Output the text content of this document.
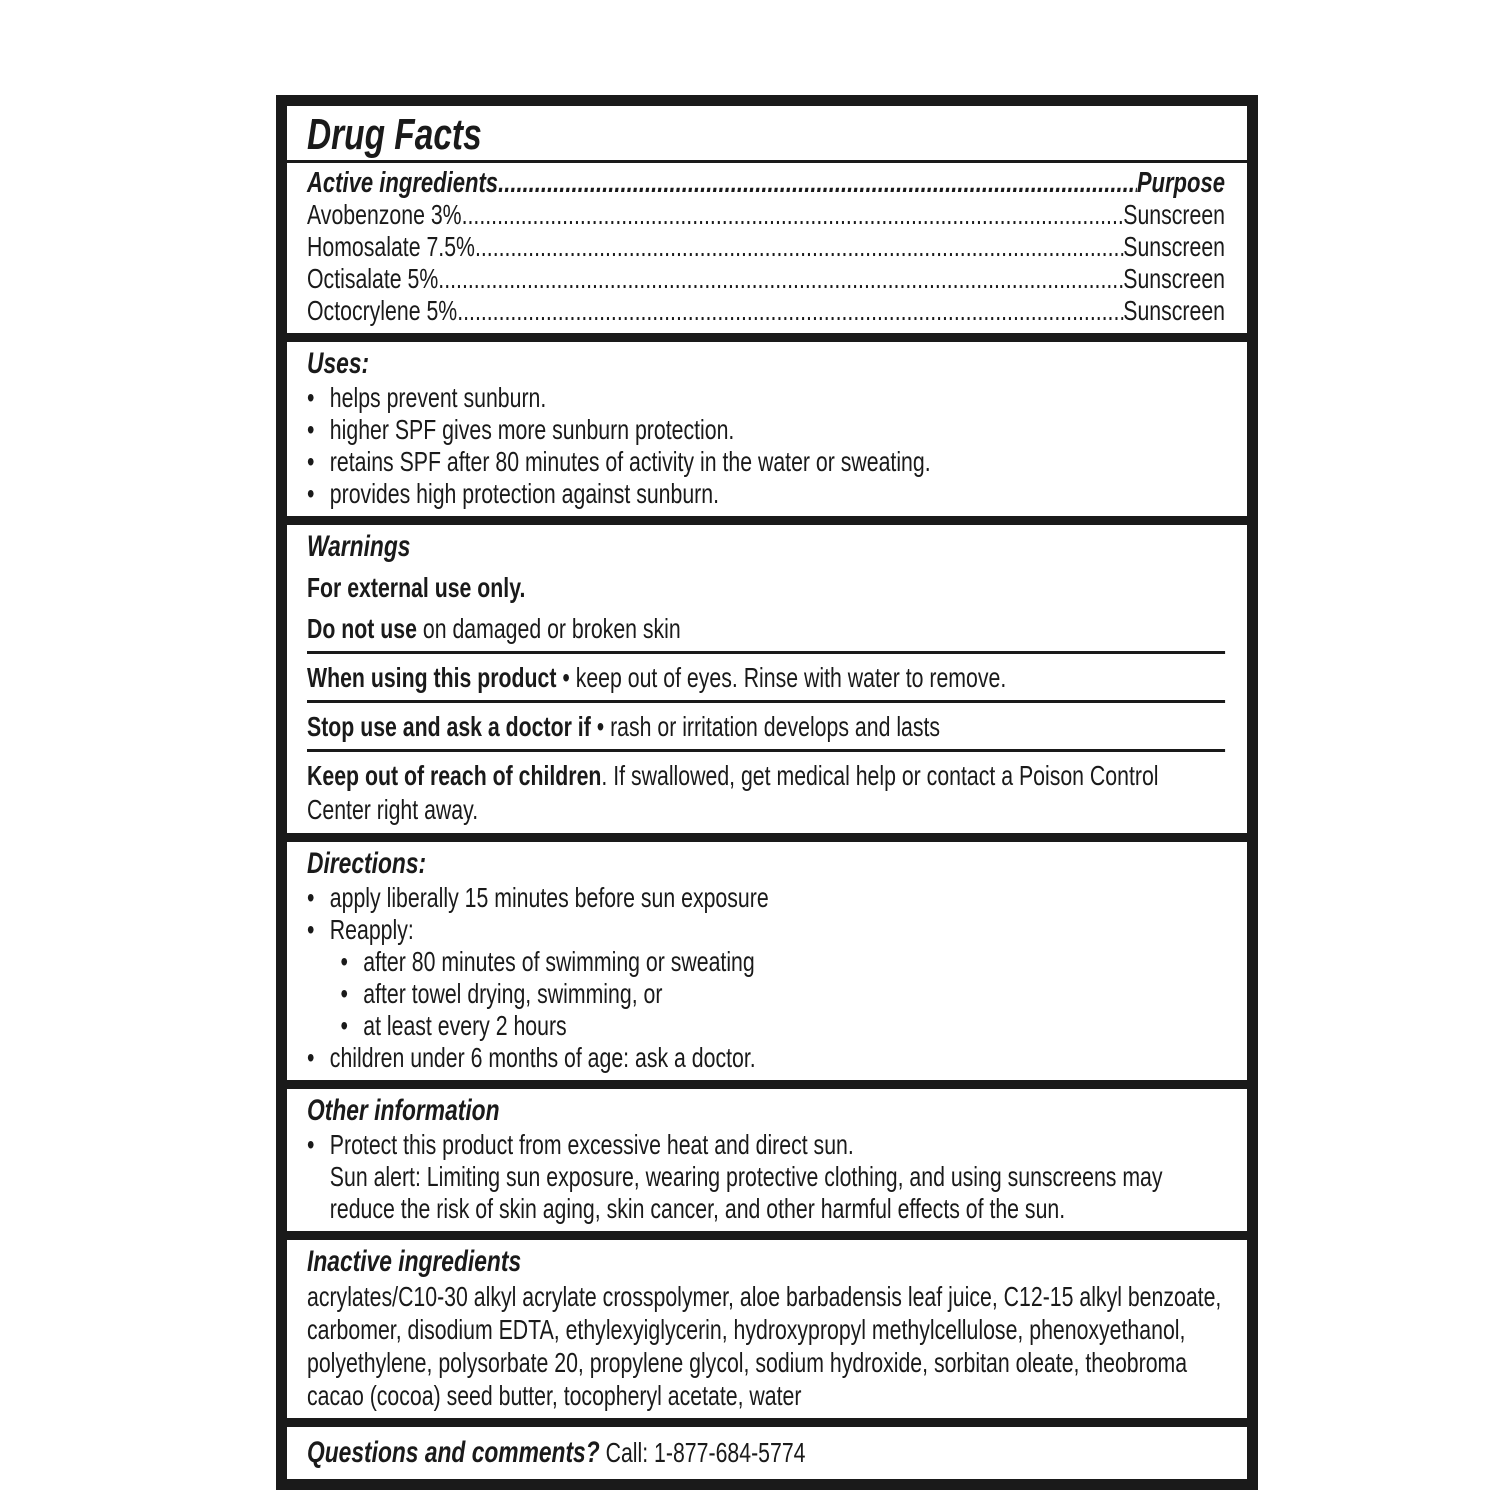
Drug Facts
Active ingredients .....	Purpose
Avobenzone 3% .....	Sunscreen
Homosalate 7.5% .....	Sunscreen
Octisalate 5% .....	Sunscreen
Octocrylene 5% .....	Sunscreen
Uses:
• helps prevent sunburn.
• higher SPF gives more sunburn protection.
• retains SPF after 80 minutes of activity in the water or sweating.
• provides high protection against sunburn.
Warnings
For external use only.
Do not use on damaged or broken skin
When using this product • keep out of eyes. Rinse with water to remove.
Stop use and ask a doctor if • rash or irritation develops and lasts
Keep out of reach of children. If swallowed, get medical help or contact a Poison Control Center right away.
Directions:
• apply liberally 15 minutes before sun exposure
• Reapply:
• after 80 minutes of swimming or sweating
• after towel drying, swimming, or
• at least every 2 hours
• children under 6 months of age: ask a doctor.
Other information
• Protect this product from excessive heat and direct sun.
Sun alert: Limiting sun exposure, wearing protective clothing, and using sunscreens may reduce the risk of skin aging, skin cancer, and other harmful effects of the sun.
Inactive ingredients
acrylates/C10-30 alkyl acrylate crosspolymer, aloe barbadensis leaf juice, C12-15 alkyl benzoate, carbomer, disodium EDTA, ethylexyiglycerin, hydroxypropyl methylcellulose, phenoxyethanol, polyethylene, polysorbate 20, propylene glycol, sodium hydroxide, sorbitan oleate, theobroma cacao (cocoa) seed butter, tocopheryl acetate, water
Questions and comments? Call: 1-877-684-5774
